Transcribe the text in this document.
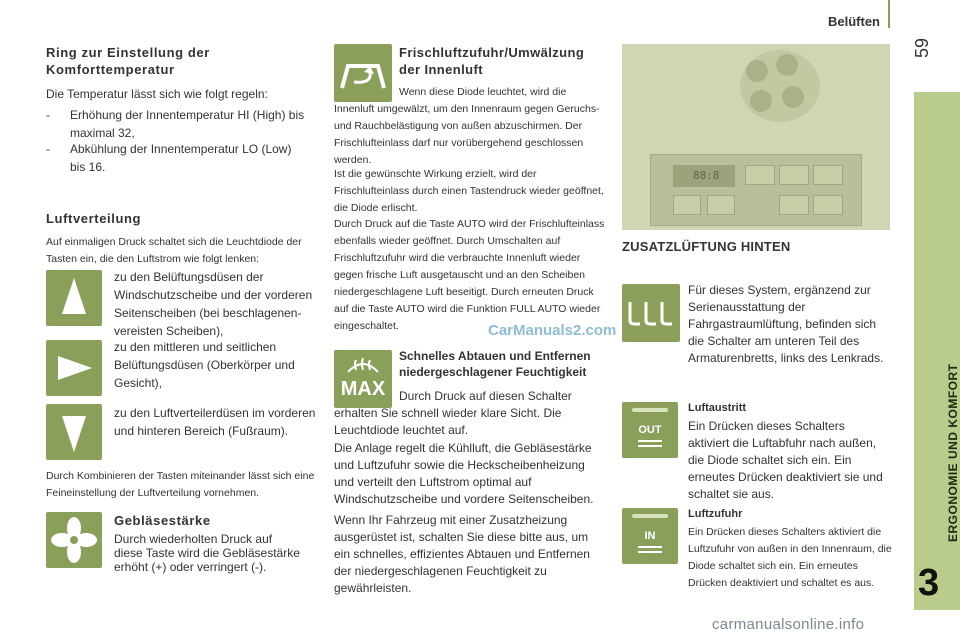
Belüften
59
ERGONOMIE UND KOMFORT
3
Ring zur Einstellung der Komforttemperatur

Die Temperatur lässt sich wie folgt regeln:

- Erhöhung der Innentemperatur HI (High) bis maximal 32,
- Abkühlung der Innentemperatur LO (Low) bis 16.
Luftverteilung

Auf einmaligen Druck schaltet sich die Leuchtdiode der Tasten ein, die den Luftstrom wie folgt lenken:

zu den Belüftungsdüsen der Windschutzscheibe und der vorderen Seitenscheiben (bei beschlagenen- vereisten Scheiben),

zu den mittleren und seitlichen Belüftungsdüsen (Oberkörper und Gesicht),

zu den Luftverteilerdüsen im vorderen und hinteren Bereich (Fußraum).

Durch Kombinieren der Tasten miteinander lässt sich eine Feineinstellung der Luftverteilung vornehmen.

Gebläsestärke

Durch wiederholten Druck auf diese Taste wird die Gebläsestärke erhöht (+) oder verringert (-).

Frischluftzufuhr/Umwälzung der Innenluft

Wenn diese Diode leuchtet, wird die Innenluft umgewälzt, um den Innenraum gegen Geruchs- und Rauchbelästigung von außen abzuschirmen. Der Frischlufteinlass darf nur vorübergehend geschlossen werden.

Ist die gewünschte Wirkung erzielt, wird der Frischlufteinlass durch einen Tastendruck wieder geöffnet, die Diode erlischt.

Durch Druck auf die Taste AUTO wird der Frischlufteinlass ebenfalls wieder geöffnet. Durch Umschalten auf Frischluftzufuhr wird die verbrauchte Innenluft wieder gegen frische Luft ausgetauscht und an den Scheiben niedergeschlagene Luft beseitigt. Durch erneuten Druck auf die Taste AUTO wird die Funktion FULL AUTO wieder eingeschaltet.	CarManuals2.com
MAX
Schnelles Abtauen und Entfernen niedergeschlagener Feuchtigkeit

Durch Druck auf diesen Schalter erhalten Sie schnell wieder klare Sicht. Die Leuchtdiode leuchtet auf.

Die Anlage regelt die Kühlluft, die Gebläsestärke und Luftzufuhr sowie die Heckscheibenheizung und verteilt den Luftstrom optimal auf Windschutzscheibe und vordere Seitenscheiben.

Wenn Ihr Fahrzeug mit einer Zusatzheizung ausgerüstet ist, schalten Sie diese bitte aus, um ein schnelles, effizientes Abtauen und Entfernen der niedergeschlagenen Feuchtigkeit zu gewährleisten.

88:8
ZUSATZLÜFTUNG HINTEN

Für dieses System, ergänzend zur Serienausstattung der Fahrgastraumlüftung, befinden sich die Schalter am unteren Teil des Armaturenbretts, links des Lenkrads.

OUT
Luftaustritt

Ein Drücken dieses Schalters aktiviert die Luftabfuhr nach außen, die Diode schaltet sich ein. Ein erneutes Drücken deaktiviert sie und schaltet sie aus.

IN
Luftzufuhr

Ein Drücken dieses Schalters aktiviert die Luftzufuhr von außen in den Innenraum, die Diode schaltet sich ein. Ein erneutes Drücken deaktiviert und schaltet es aus.

carmanualsonline.info
